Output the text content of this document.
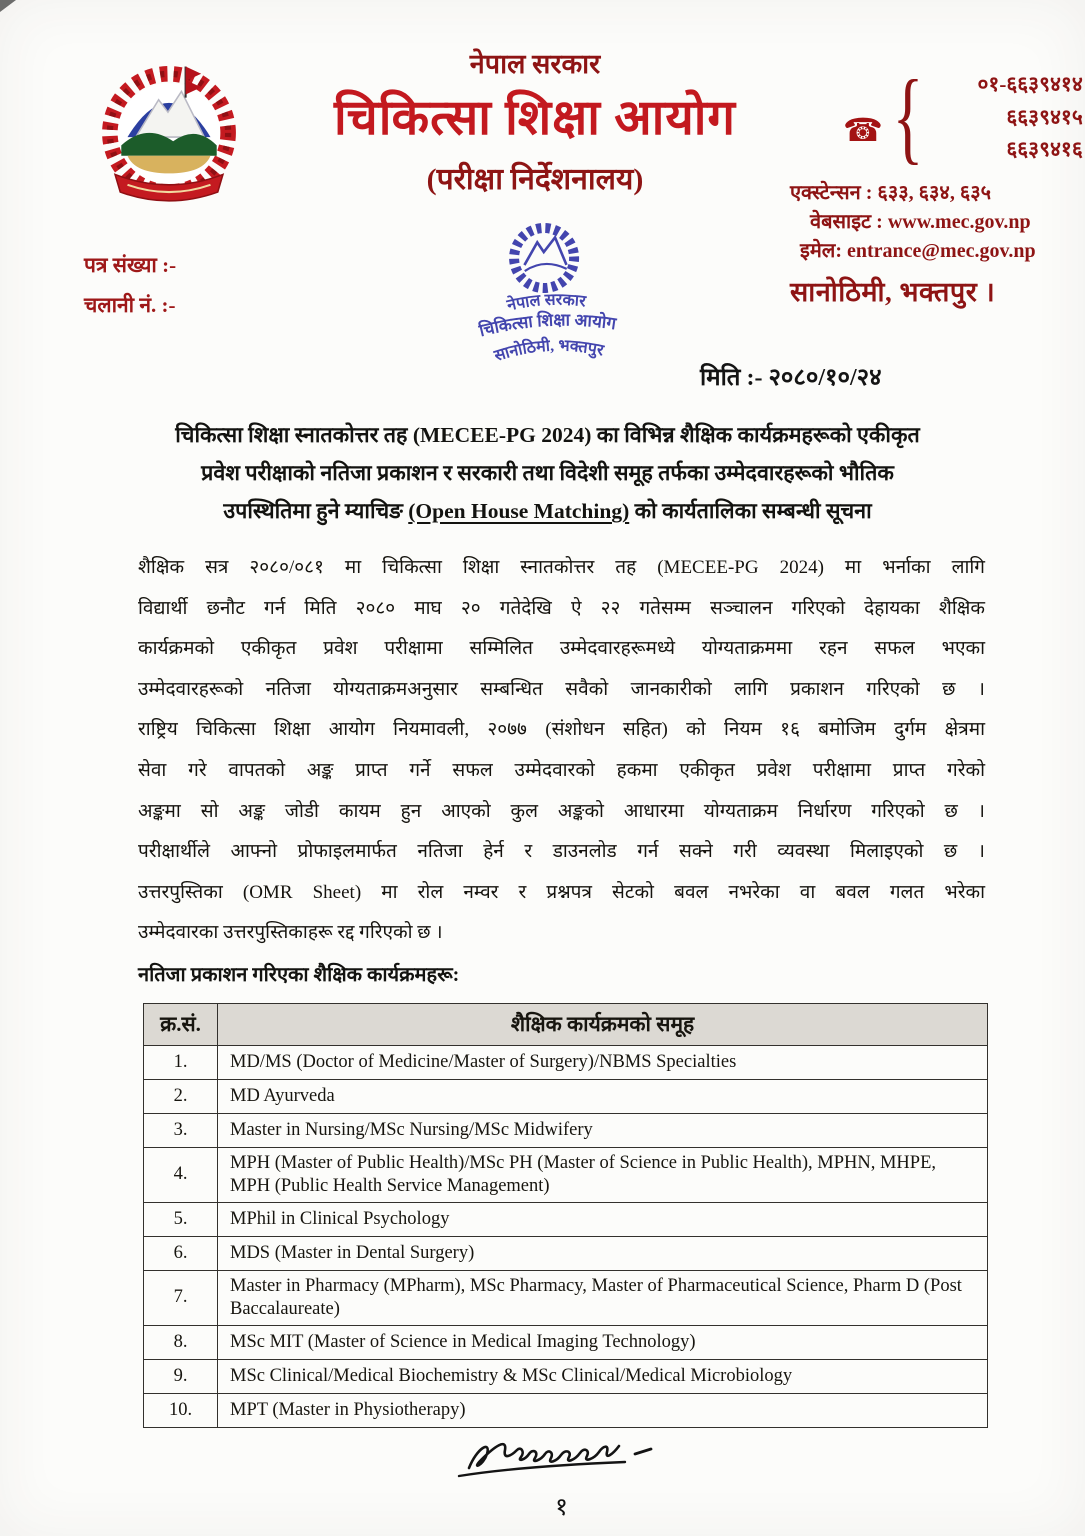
नेपाल सरकार
चिकित्सा शिक्षा आयोग
(परीक्षा निर्देशनालय)
☎ {	०१-६६३९४१४
६६३९४१५
६६३९४१६
एक्स्टेन्सन : ६३३, ६३४, ६३५
वेबसाइट : www.mec.gov.np
इमेल: entrance@mec.gov.np
सानोठिमी, भक्तपुर ।
पत्र संख्या :-
चलानी नं. :-	नेपाल सरकार
चिकित्सा शिक्षा आयोग
सानोठिमी, भक्तपुर
मिति :- २०८०/१०/२४
चिकित्सा शिक्षा स्नातकोत्तर तह (MECEE-PG 2024) का विभिन्न शैक्षिक कार्यक्रमहरूको एकीकृत
प्रवेश परीक्षाको नतिजा प्रकाशन र सरकारी तथा विदेशी समूह तर्फका उम्मेदवारहरूको भौतिक
उपस्थितिमा हुने म्याचिङ (Open House Matching) को कार्यतालिका सम्बन्धी सूचना
शैक्षिक सत्र २०८०/०८१ मा चिकित्सा शिक्षा स्नातकोत्तर तह (MECEE-PG 2024) मा भर्नाका लागि
विद्यार्थी छनौट गर्न मिति २०८० माघ २० गतेदेखि ऐ २२ गतेसम्म सञ्चालन गरिएको देहायका शैक्षिक
कार्यक्रमको एकीकृत प्रवेश परीक्षामा सम्मिलित उम्मेदवारहरूमध्ये योग्यताक्रममा रहन सफल भएका
उम्मेदवारहरूको नतिजा योग्यताक्रमअनुसार सम्बन्धित सवैको जानकारीको लागि प्रकाशन गरिएको छ ।
राष्ट्रिय चिकित्सा शिक्षा आयोग नियमावली, २०७७ (संशोधन सहित) को नियम १६ बमोजिम दुर्गम क्षेत्रमा
सेवा गरे वापतको अङ्क प्राप्त गर्ने सफल उम्मेदवारको हकमा एकीकृत प्रवेश परीक्षामा प्राप्त गरेको
अङ्कमा सो अङ्क जोडी कायम हुन आएको कुल अङ्कको आधारमा योग्यताक्रम निर्धारण गरिएको छ ।
परीक्षार्थीले आफ्नो प्रोफाइलमार्फत नतिजा हेर्न र डाउनलोड गर्न सक्ने गरी व्यवस्था मिलाइएको छ ।
उत्तरपुस्तिका (OMR Sheet) मा रोल नम्वर र प्रश्नपत्र सेटको बवल नभरेका वा बवल गलत भरेका
उम्मेदवारका उत्तरपुस्तिकाहरू रद्द गरिएको छ ।
नतिजा प्रकाशन गरिएका शैक्षिक कार्यक्रमहरू:
क्र.सं.	शैक्षिक कार्यक्रमको समूह
1.	MD/MS (Doctor of Medicine/Master of Surgery)/NBMS Specialties
2.	MD Ayurveda
3.	Master in Nursing/MSc Nursing/MSc Midwifery
4.	MPH (Master of Public Health)/MSc PH (Master of Science in Public Health), MPHN, MHPE, MPH (Public Health Service Management)
5.	MPhil in Clinical Psychology
6.	MDS (Master in Dental Surgery)
7.	Master in Pharmacy (MPharm), MSc Pharmacy, Master of Pharmaceutical Science, Pharm D (Post Baccalaureate)
8.	MSc MIT (Master of Science in Medical Imaging Technology)
9.	MSc Clinical/Medical Biochemistry & MSc Clinical/Medical Microbiology
10.	MPT (Master in Physiotherapy)
१
